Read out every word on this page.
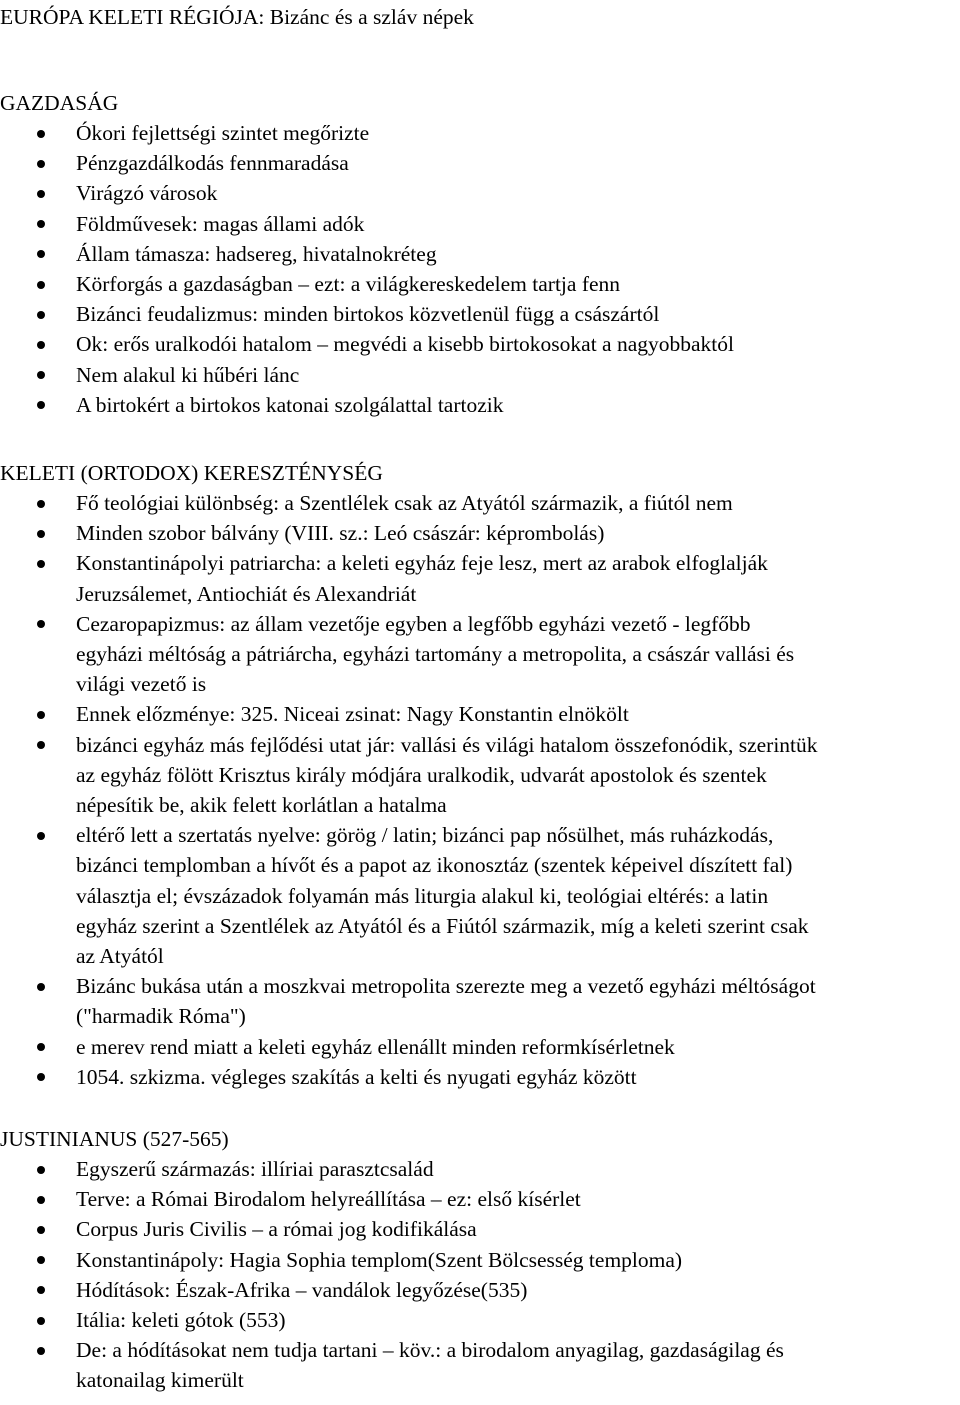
EURÓPA KELETI RÉGIÓJA: Bizánc és a szláv népek
GAZDASÁG
Ókori fejlettségi szintet megőrizte
Pénzgazdálkodás fennmaradása
Virágzó városok
Földművesek: magas állami adók
Állam támasza: hadsereg, hivatalnokréteg
Körforgás a gazdaságban – ezt: a világkereskedelem tartja fenn
Bizánci feudalizmus: minden birtokos közvetlenül függ a császártól
Ok: erős uralkodói hatalom – megvédi a kisebb birtokosokat a nagyobbaktól
Nem alakul ki hűbéri lánc
A birtokért a birtokos katonai szolgálattal tartozik
KELETI (ORTODOX) KERESZTÉNYSÉG
Fő teológiai különbség: a Szentlélek csak az Atyától származik, a fiútól nem
Minden szobor bálvány (VIII. sz.: Leó császár: képrombolás)
Konstantinápolyi patriarcha: a keleti egyház feje lesz, mert az arabok elfoglalják
Jeruzsálemet, Antiochiát és Alexandriát
Cezaropapizmus: az állam vezetője egyben a legfőbb egyházi vezető - legfőbb
egyházi méltóság a pátriárcha, egyházi tartomány a metropolita, a császár vallási és
világi vezető is
Ennek előzménye: 325. Niceai zsinat: Nagy Konstantin elnökölt
bizánci egyház más fejlődési utat jár: vallási és világi hatalom összefonódik, szerintük
az egyház fölött Krisztus király módjára uralkodik, udvarát apostolok és szentek
népesítik be, akik felett korlátlan a hatalma
eltérő lett a szertatás nyelve: görög / latin; bizánci pap nősülhet, más ruházkodás,
bizánci templomban a hívőt és a papot az ikonosztáz (szentek képeivel díszített fal)
választja el; évszázadok folyamán más liturgia alakul ki, teológiai eltérés: a latin
egyház szerint a Szentlélek az Atyától és a Fiútól származik, míg a keleti szerint csak
az Atyától
Bizánc bukása után a moszkvai metropolita szerezte meg a vezető egyházi méltóságot
("harmadik Róma")
e merev rend miatt a keleti egyház ellenállt minden reformkísérletnek
1054. szkizma. végleges szakítás a kelti és nyugati egyház között
JUSTINIANUS (527-565)
Egyszerű származás: illíriai parasztcsalád
Terve: a Római Birodalom helyreállítása – ez: első kísérlet
Corpus Juris Civilis – a római jog kodifikálása
Konstantinápoly: Hagia Sophia templom(Szent Bölcsesség temploma)
Hódítások: Észak-Afrika – vandálok legyőzése(535)
Itália: keleti gótok (553)
De: a hódításokat nem tudja tartani – köv.: a birodalom anyagilag, gazdaságilag és
katonailag kimerült
